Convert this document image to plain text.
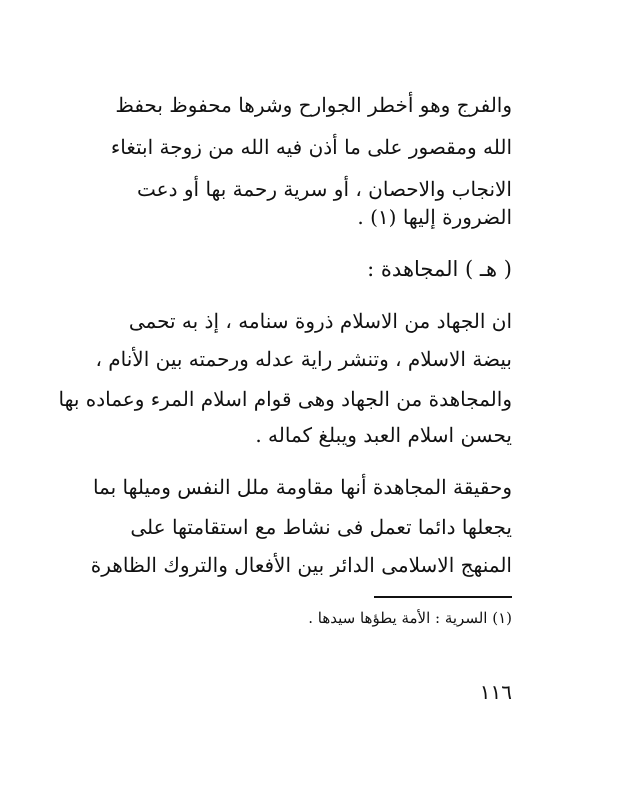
والفرج وهو أخطر الجوارح وشرها محفوظ بحفظ
الله ومقصور على ما أذن فيه الله من زوجة ابتغاء
الانجاب والاحصان ، أو سرية رحمة بها أو دعت
الضرورة إليها (١) .
( هـ ) المجاهدة :
ان الجهاد من الاسلام ذروة سنامه ، إذ به تحمى
بيضة الاسلام ، وتنشر راية عدله ورحمته بين الأنام ،
والمجاهدة من الجهاد وهى قوام اسلام المرء وعماده بها
يحسن اسلام العبد ويبلغ كماله .
وحقيقة المجاهدة أنها مقاومة ملل النفس وميلها بما
يجعلها دائما تعمل فى نشاط مع استقامتها على
المنهج الاسلامى الدائر بين الأفعال والتروك الظاهرة
(١) السرية : الأمة يطؤها سيدها .
١١٦
